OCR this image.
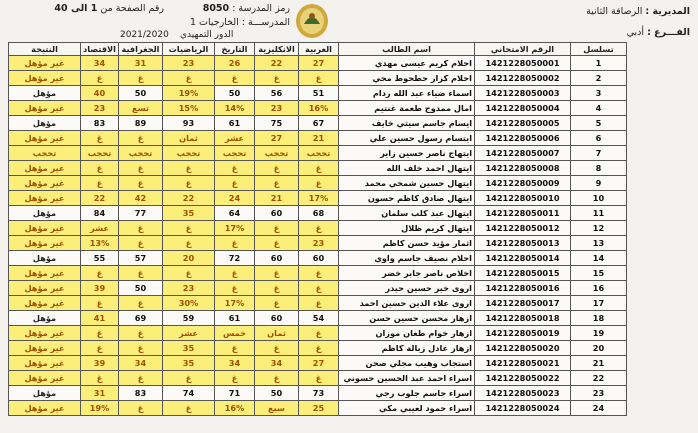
المديرية : الرصافة الثانية
الفـــرع : أدبي
رمز المدرسة : 8050
المدرســـة : الخارجيات 1
رقم الصفحة من 1 الى 40
2021/2020 الدور التمهيدي
تسلسل	الرقم الامتحاني	اسم الطالب	العربية	الانكليزية	التاريخ	الرياضيات	الجغرافية	الاقتصاد	النتيجة
1	1421228050001	احلام كريم عيسى مهدي	27	22	26	23	31	34	غير مؤهل
2	1421228050002	احلام كزار حطحوط محي	غ	غ	غ	غ	غ	غ	غير مؤهل
3	1421228050003	اسماء ضياء عبد الله ردام	51	56	50	19%	50	40	مؤهل
4	1421228050004	امال ممدوح طعمة غنتيم	16%	23	14%	15%	تسع	23	غير مؤهل
5	1421228050005	ايسام جاسم سيتي خايف	67	75	61	93	89	83	مؤهل
6	1421228050006	ايتسام رسول حسين علي	21	27	عشر	ثمان	غ	غ	غير مؤهل
7	1421228050007	ايتهاج ناصر حسين زاير	تحجب	تحجب	تحجب	تحجب	تحجب	تحجب	تحجب
8	1421228050008	ايتهال احمد خلف الله	غ	غ	غ	غ	غ	غ	غير مؤهل
9	1421228050009	ايتهال حسين شمخي محمد	غ	غ	غ	غ	غ	غ	غير مؤهل
10	1421228050010	ايتهال صادق كاظم حسون	17%	21	24	22	42	22	غير مؤهل
11	1421228050011	ايتهال عبد كلب سلمان	68	60	64	35	77	84	مؤهل
12	1421228050012	ايتهال كريم ظلال	غ	غ	17%	غ	غ	عشر	غير مؤهل
13	1421228050013	اثمار مؤيد حسن كاظم	23	غ	غ	غ	غ	13%	غير مؤهل
14	1421228050014	احلام نصيف جاسم واوي	60	60	72	20	57	55	مؤهل
15	1421228050015	اخلاص ناصر جابر خضر	غ	غ	غ	غ	غ	غ	غير مؤهل
16	1421228050016	اروى خير حسين حيدر	غ	غ	غ	23	50	39	غير مؤهل
17	1421228050017	اروى علاء الدين حسين احمد	غ	غ	17%	30%	غ	غ	غير مؤهل
18	1421228050018	ازهار محسن حسين حسن	54	60	61	59	69	41	مؤهل
19	1421228050019	ازهار خوام طعان موزان	غ	ثمان	خمس	عشر	غ	غ	غير مؤهل
20	1421228050020	ازهار عادل زبالة كاظم	غ	غ	غ	35	غ	غ	غير مؤهل
21	1421228050021	استجاب وهيب مجلي صحن	27	34	34	35	34	39	غير مؤهل
22	1421228050022	اسراء احمد عبد الحسين حسوني	غ	غ	غ	غ	غ	غ	غير مؤهل
23	1421228050023	اسراء جاسم جلوب رجي	73	50	71	74	83	31	مؤهل
24	1421228050024	اسراء حمود لعيبي مكي	25	سبع	16%	غ	غ	19%	غير مؤهل
